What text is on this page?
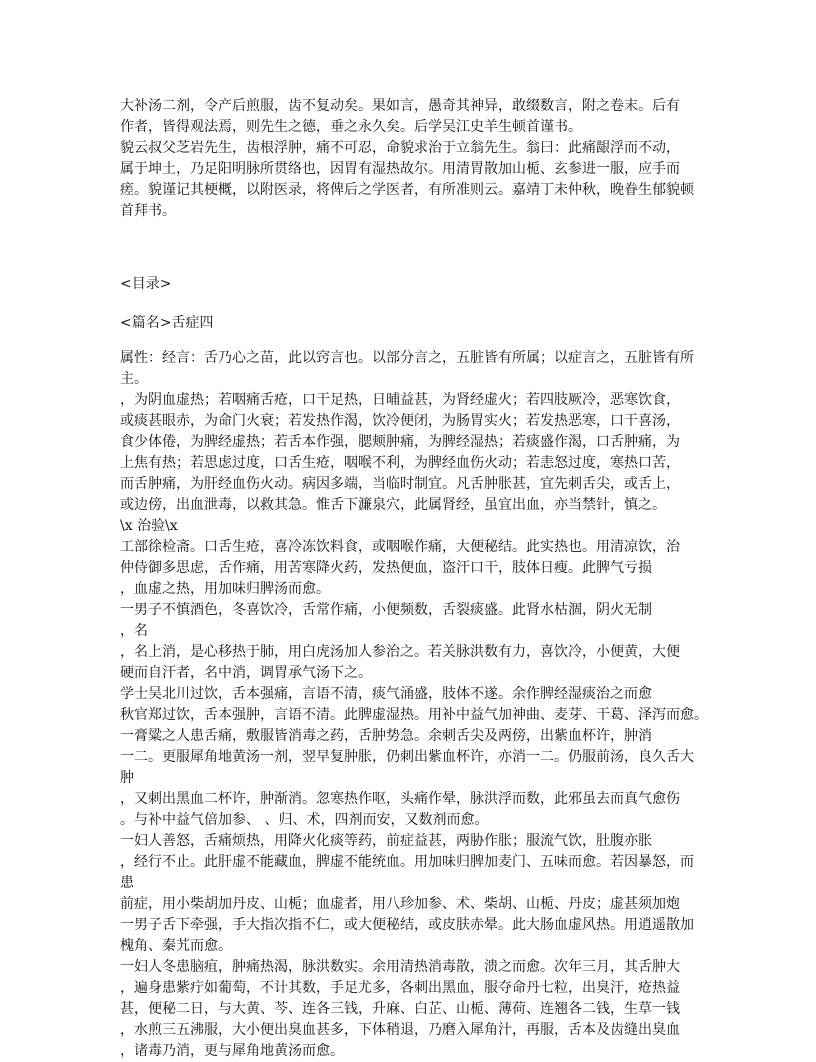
大补汤二剂，令产后煎服，齿不复动矣。果如言，愚奇其神异，敢缀数言，附之卷末。后有
作者，皆得观法焉，则先生之德，垂之永久矣。后学吴江史羊生顿首谨书。
貌云叔父芝岩先生，齿根浮肿，痛不可忍，命貌求治于立翁先生。翁曰：此痛龈浮而不动，
属于坤土，乃足阳明脉所贯络也，因胃有湿热故尔。用清胃散加山栀、玄参进一服，应手而
瘥。貌谨记其梗概，以附医录，将俾后之学医者，有所准则云。嘉靖丁未仲秋，晚眷生郁貌顿
首拜书。
<目录>
<篇名>舌症四
属性：经言：舌乃心之苗，此以窍言也。以部分言之，五脏皆有所属；以症言之，五脏皆有所
主。
，为阴血虚热；若咽痛舌疮，口干足热，日晡益甚，为肾经虚火；若四肢厥冷，恶寒饮食，
或痰甚眼赤，为命门火衰；若发热作渴，饮冷便闭，为肠胃实火；若发热恶寒，口干喜汤，
食少体倦，为脾经虚热；若舌本作强，腮颊肿痛，为脾经湿热；若痰盛作渴，口舌肿痛，为
上焦有热；若思虑过度，口舌生疮，咽喉不利，为脾经血伤火动；若恚怒过度，寒热口苦，
而舌肿痛，为肝经血伤火动。病因多端，当临时制宜。凡舌肿胀甚，宜先刺舌尖，或舌上，
或边傍，出血泄毒，以救其急。惟舌下濂泉穴，此属肾经，虽宜出血，亦当禁针，慎之。
\x 治验\x
工部徐检斋。口舌生疮，喜冷冻饮料食，或咽喉作痛，大便秘结。此实热也。用清凉饮，治
仲侍御多思虑，舌作痛，用苦寒降火药，发热便血，盗汗口干，肢体日瘦。此脾气亏损
，血虚之热，用加味归脾汤而愈。
一男子不慎酒色，冬喜饮冷，舌常作痛，小便频数，舌裂痰盛。此肾水枯涸，阴火无制
，名
，名上消，是心移热于肺，用白虎汤加人参治之。若关脉洪数有力，喜饮冷，小便黄，大便
硬而自汗者，名中消，调胃承气汤下之。
学士吴北川过饮，舌本强痛，言语不清，痰气涌盛，肢体不遂。余作脾经湿痰治之而愈
秋官郑过饮，舌本强肿，言语不清。此脾虚湿热。用补中益气加神曲、麦芽、干葛、泽泻而愈。
一膏粱之人患舌痛，敷服皆消毒之药，舌肿势急。余刺舌尖及两傍，出紫血杯许，肿消
一二。更服犀角地黄汤一剂，翌早复肿胀，仍刺出紫血杯许，亦消一二。仍服前汤，良久舌大
肿
，又刺出黑血二杯许，肿渐消。忽寒热作呕，头痛作晕，脉洪浮而数，此邪虽去而真气愈伤
。与补中益气倍加参、 、归、术，四剂而安，又数剂而愈。
一妇人善怒，舌痛烦热，用降火化痰等药，前症益甚，两胁作胀；服流气饮，肚腹亦胀
，经行不止。此肝虚不能藏血，脾虚不能统血。用加味归脾加麦门、五味而愈。若因暴怒，而
患
前症，用小柴胡加丹皮、山栀；血虚者，用八珍加参、术、柴胡、山栀、丹皮；虚甚须加炮
一男子舌下牵强，手大指次指不仁，或大便秘结，或皮肤赤晕。此大肠血虚风热。用逍遥散加
槐角、秦艽而愈。
一妇人冬患脑疽，肿痛热渴，脉洪数实。余用清热消毒散，溃之而愈。次年三月，其舌肿大
，遍身患紫疔如葡萄，不计其数，手足尤多，各刺出黑血，服夺命丹七粒，出臭汗，疮热益
甚，便秘二日，与大黄、芩、连各三钱，升麻、白芷、山栀、薄荷、连翘各二钱，生草一钱
，水煎三五沸服，大小便出臭血甚多，下体稍退，乃磨入犀角汁，再服，舌本及齿缝出臭血
，诸毒乃消，更与犀角地黄汤而愈。
